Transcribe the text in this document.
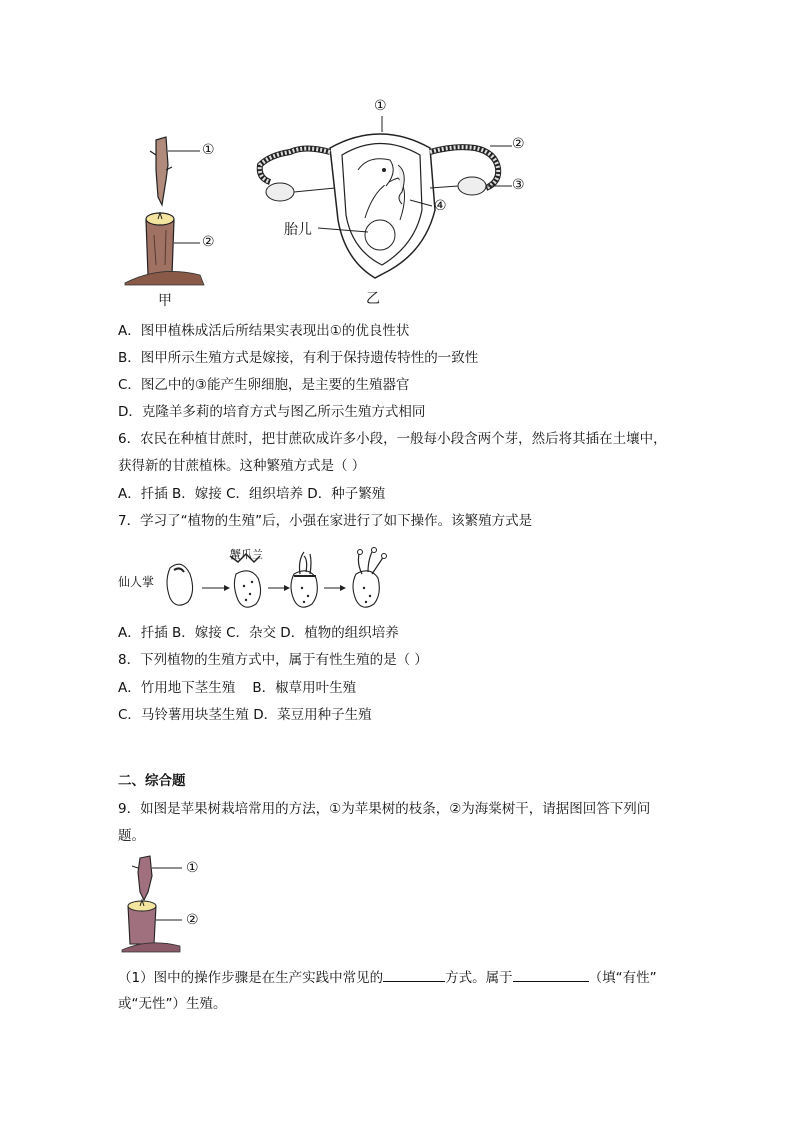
①
②
甲
①
②
③
④
胎儿
乙
A．图甲植株成活后所结果实表现出①的优良性状
B．图甲所示生殖方式是嫁接，有利于保持遗传特性的一致性
C．图乙中的③能产生卵细胞，是主要的生殖器官
D．克隆羊多莉的培育方式与图乙所示生殖方式相同
6．农民在种植甘蔗时，把甘蔗砍成许多小段，一般每小段含两个芽，然后将其插在土壤中，
获得新的甘蔗植株。这种繁殖方式是（ ）
A．扦插 B．嫁接 C．组织培养 D．种子繁殖
7．学习了“植物的生殖”后，小强在家进行了如下操作。该繁殖方式是
仙人掌
蟹爪兰
A．扦插 B．嫁接 C．杂交 D．植物的组织培养
8．下列植物的生殖方式中，属于有性生殖的是（ ）
A．竹用地下茎生殖    B．椒草用叶生殖
C．马铃薯用块茎生殖 D．菜豆用种子生殖
二、综合题
9．如图是苹果树栽培常用的方法，①为苹果树的枝条，②为海棠树干，请据图回答下列问
题。
①
②
（1）图中的操作步骤是在生产实践中常见的	方式。属于	（填“有性”
或“无性”）生殖。
